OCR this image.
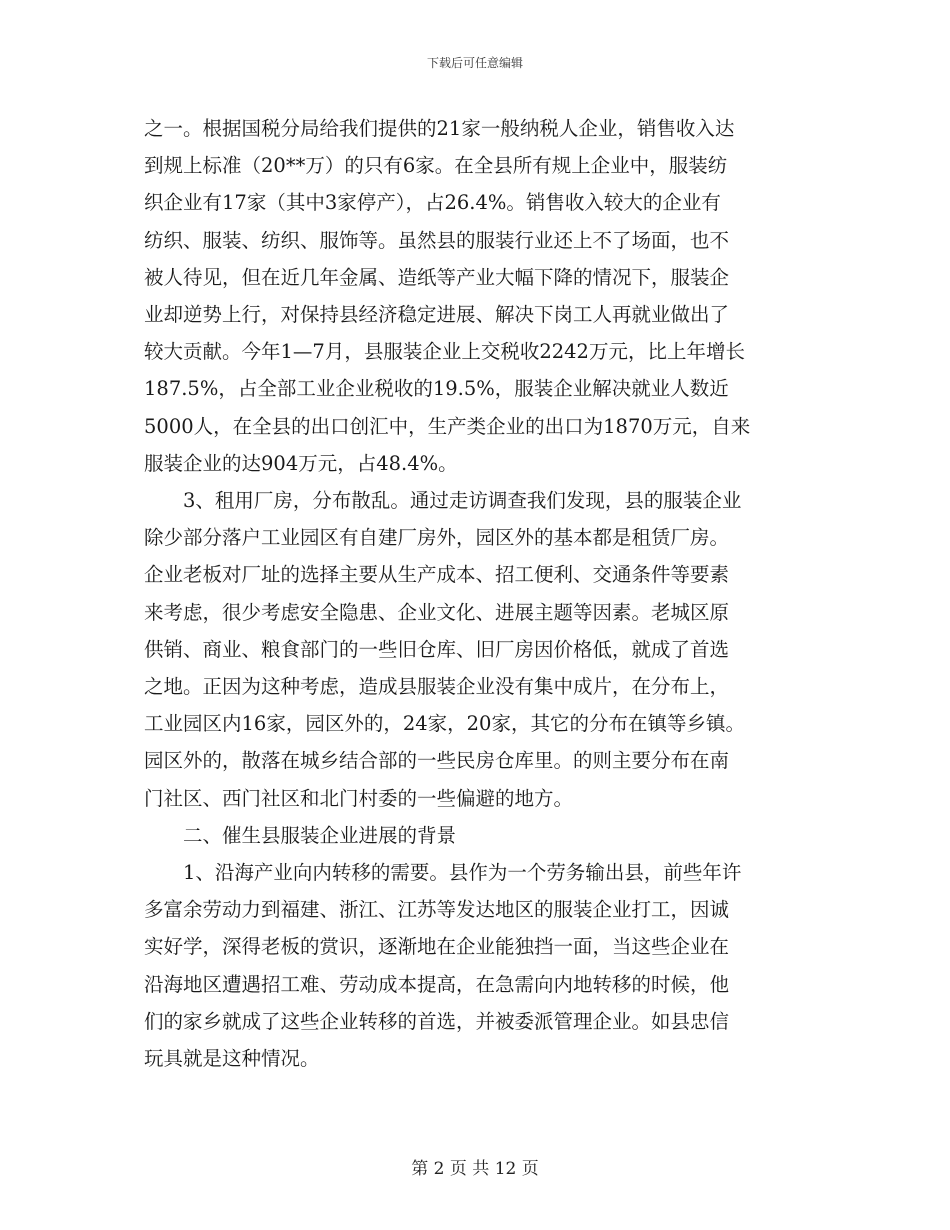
下载后可任意编辑

之一。根据国税分局给我们提供的21家一般纳税人企业，销售收入达
到规上标准（20**万）的只有6家。在全县所有规上企业中，服装纺
织企业有17家（其中3家停产），占26.4%。销售收入较大的企业有
纺织、服装、纺织、服饰等。虽然县的服装行业还上不了场面，也不
被人待见，但在近几年金属、造纸等产业大幅下降的情况下，服装企
业却逆势上行，对保持县经济稳定进展、解决下岗工人再就业做出了
较大贡献。今年1—7月，县服装企业上交税收2242万元，比上年增长
187.5%，占全部工业企业税收的19.5%，服装企业解决就业人数近
5000人，在全县的出口创汇中，生产类企业的出口为1870万元，自来
服装企业的达904万元，占48.4%。

3、租用厂房，分布散乱。通过走访调查我们发现，县的服装企业
除少部分落户工业园区有自建厂房外，园区外的基本都是租赁厂房。
企业老板对厂址的选择主要从生产成本、招工便利、交通条件等要素
来考虑，很少考虑安全隐患、企业文化、进展主题等因素。老城区原
供销、商业、粮食部门的一些旧仓库、旧厂房因价格低，就成了首选
之地。正因为这种考虑，造成县服装企业没有集中成片，在分布上，
工业园区内16家，园区外的，24家，20家，其它的分布在镇等乡镇。
园区外的，散落在城乡结合部的一些民房仓库里。的则主要分布在南
门社区、西门社区和北门村委的一些偏避的地方。

二、催生县服装企业进展的背景

1、沿海产业向内转移的需要。县作为一个劳务输出县，前些年许
多富余劳动力到福建、浙江、江苏等发达地区的服装企业打工，因诚
实好学，深得老板的赏识，逐渐地在企业能独挡一面，当这些企业在
沿海地区遭遇招工难、劳动成本提高，在急需向内地转移的时候，他
们的家乡就成了这些企业转移的首选，并被委派管理企业。如县忠信
玩具就是这种情况。

第 2 页 共 12 页
